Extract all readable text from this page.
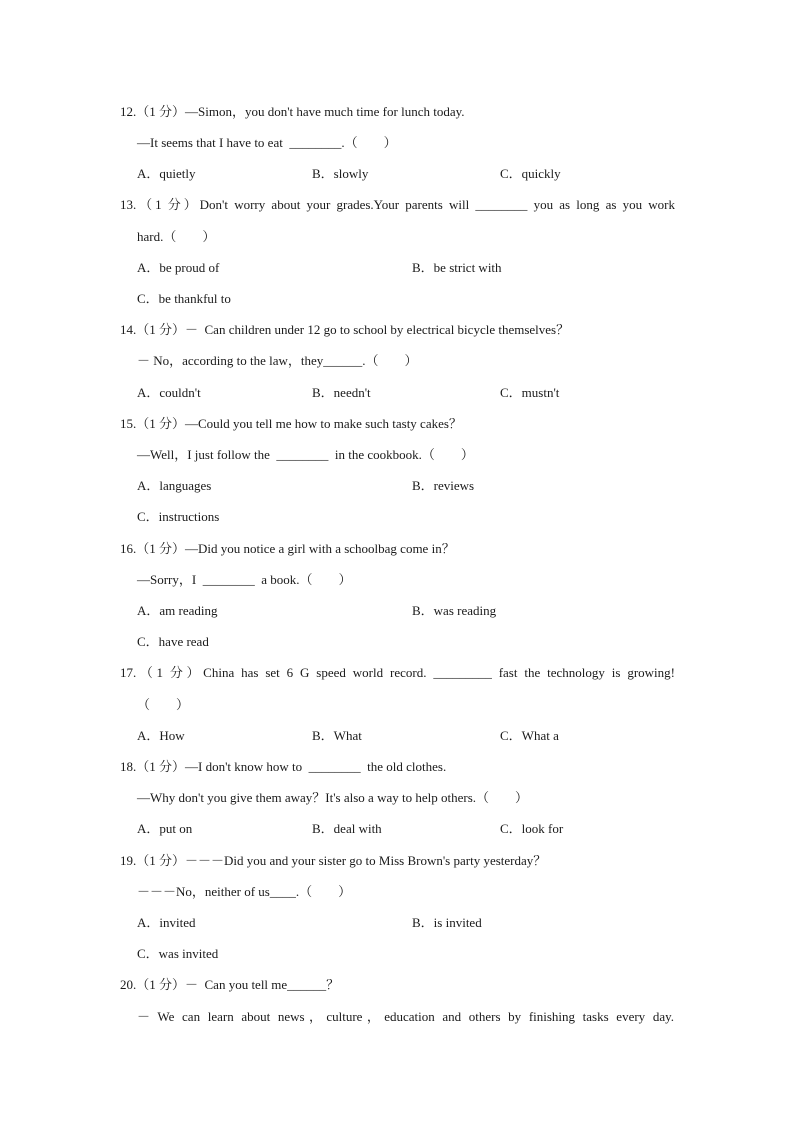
12.（1 分）—Simon，you don't have much time for lunch today.
—It seems that I have to eat  ________.（　　）
A．quietly	B．slowly	C．quickly
13.（1 分）Don't worry about your grades.Your parents will ________ you as long as you work
hard.（　　）
A．be proud of	B．be strict with
C．be thankful to
14.（1 分）－  Can children under 12 go to school by electrical bicycle themselves？
－ No，according to the law，they______.（　　）
A．couldn't	B．needn't	C．mustn't
15.（1 分）—Could you tell me how to make such tasty cakes？
—Well，I just follow the  ________  in the cookbook.（　　）
A．languages	B．reviews
C．instructions
16.（1 分）—Did you notice a girl with a schoolbag come in？
—Sorry，I  ________  a book.（　　）
A．am reading	B．was reading
C．have read
17.（1 分）China has set 6 G speed world record. _________ fast the technology is growing!
（　　）
A．How	B．What	C．What a
18.（1 分）—I don't know how to  ________  the old clothes.
—Why don't you give them away？It's also a way to help others.（　　）
A．put on	B．deal with	C．look for
19.（1 分）－－－Did you and your sister go to Miss Brown's party yesterday？
－－－No，neither of us____.（　　）
A．invited	B．is invited
C．was invited
20.（1 分）－  Can you tell me______？
－ We can learn about news，culture，education and others by finishing tasks every day.
